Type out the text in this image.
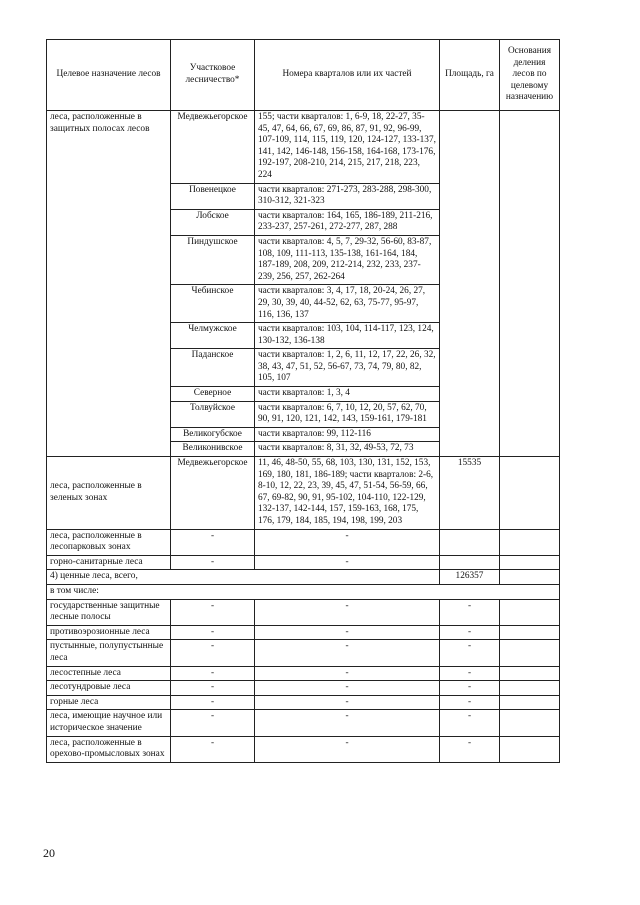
Целевое назначение лесов	Участковое лесничество*	Номера кварталов или их частей	Площадь, га	Основания деления лесов по целевому назначению
леса, расположенные в защитных полосах лесов	Медвежьегорское	155; части кварталов: 1, 6-9, 18, 22-27, 35-45, 47, 64, 66, 67, 69, 86, 87, 91, 92, 96-99, 107-109, 114, 115, 119, 120, 124-127, 133-137, 141, 142, 146-148, 156-158, 164-168, 173-176, 192-197, 208-210, 214, 215, 217, 218, 223, 224		
	Повенецкое	части кварталов: 271-273, 283-288, 298-300, 310-312, 321-323		
	Лобское	части кварталов: 164, 165, 186-189, 211-216, 233-237, 257-261, 272-277, 287, 288		
	Пиндушское	части кварталов: 4, 5, 7, 29-32, 56-60, 83-87, 108, 109, 111-113, 135-138, 161-164, 184, 187-189, 208, 209, 212-214, 232, 233, 237-239, 256, 257, 262-264		
	Чебинское	части кварталов: 3, 4, 17, 18, 20-24, 26, 27, 29, 30, 39, 40, 44-52, 62, 63, 75-77, 95-97, 116, 136, 137		
	Челмужское	части кварталов: 103, 104, 114-117, 123, 124, 130-132, 136-138		
	Паданское	части кварталов: 1, 2, 6, 11, 12, 17, 22, 26, 32, 38, 43, 47, 51, 52, 56-67, 73, 74, 79, 80, 82, 105, 107		
	Северное	части кварталов: 1, 3, 4		
	Толвуйское	части кварталов: 6, 7, 10, 12, 20, 57, 62, 70, 90, 91, 120, 121, 142, 143, 159-161, 179-181		
	Великогубское	части кварталов: 99, 112-116		
	Великонивское	части кварталов: 8, 31, 32, 49-53, 72, 73		
леса, расположенные в зеленых зонах	Медвежьегорское	11, 46, 48-50, 55, 68, 103, 130, 131, 152, 153, 169, 180, 181, 186-189; части кварталов: 2-6, 8-10, 12, 22, 23, 39, 45, 47, 51-54, 56-59, 66, 67, 69-82, 90, 91, 95-102, 104-110, 122-129, 132-137, 142-144, 157, 159-163, 168, 175, 176, 179, 184, 185, 194, 198, 199, 203	15535	
леса, расположенные в лесопарковых зонах	-	-		
горно-санитарные леса	-	-		
4) ценные леса, всего,			126357	
в том числе:				
государственные защитные лесные полосы	-	-	-	
противоэрозионные леса	-	-	-	
пустынные, полупустынные леса	-	-	-	
лесостепные леса	-	-	-	
лесотундровые леса	-	-	-	
горные леса	-	-	-	
леса, имеющие научное или историческое значение	-	-	-	
леса, расположенные в орехово-промысловых зонах	-	-	-	
20
